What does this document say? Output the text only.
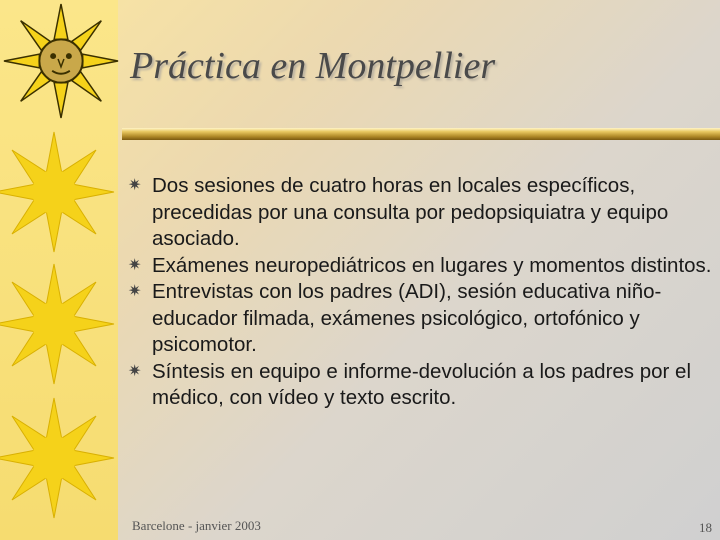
Práctica en Montpellier
✷ Dos sesiones de cuatro horas en locales específicos, precedidas por una consulta por pedopsiquiatra y equipo asociado.
✷ Exámenes neuropediátricos en lugares y momentos distintos.
✷ Entrevistas con los padres (ADI), sesión educativa niño-educador filmada, exámenes psicológico, ortofónico y psicomotor.
✷ Síntesis en equipo e informe-devolución a los padres por el médico, con vídeo y texto escrito.
Barcelone - janvier 2003	18
